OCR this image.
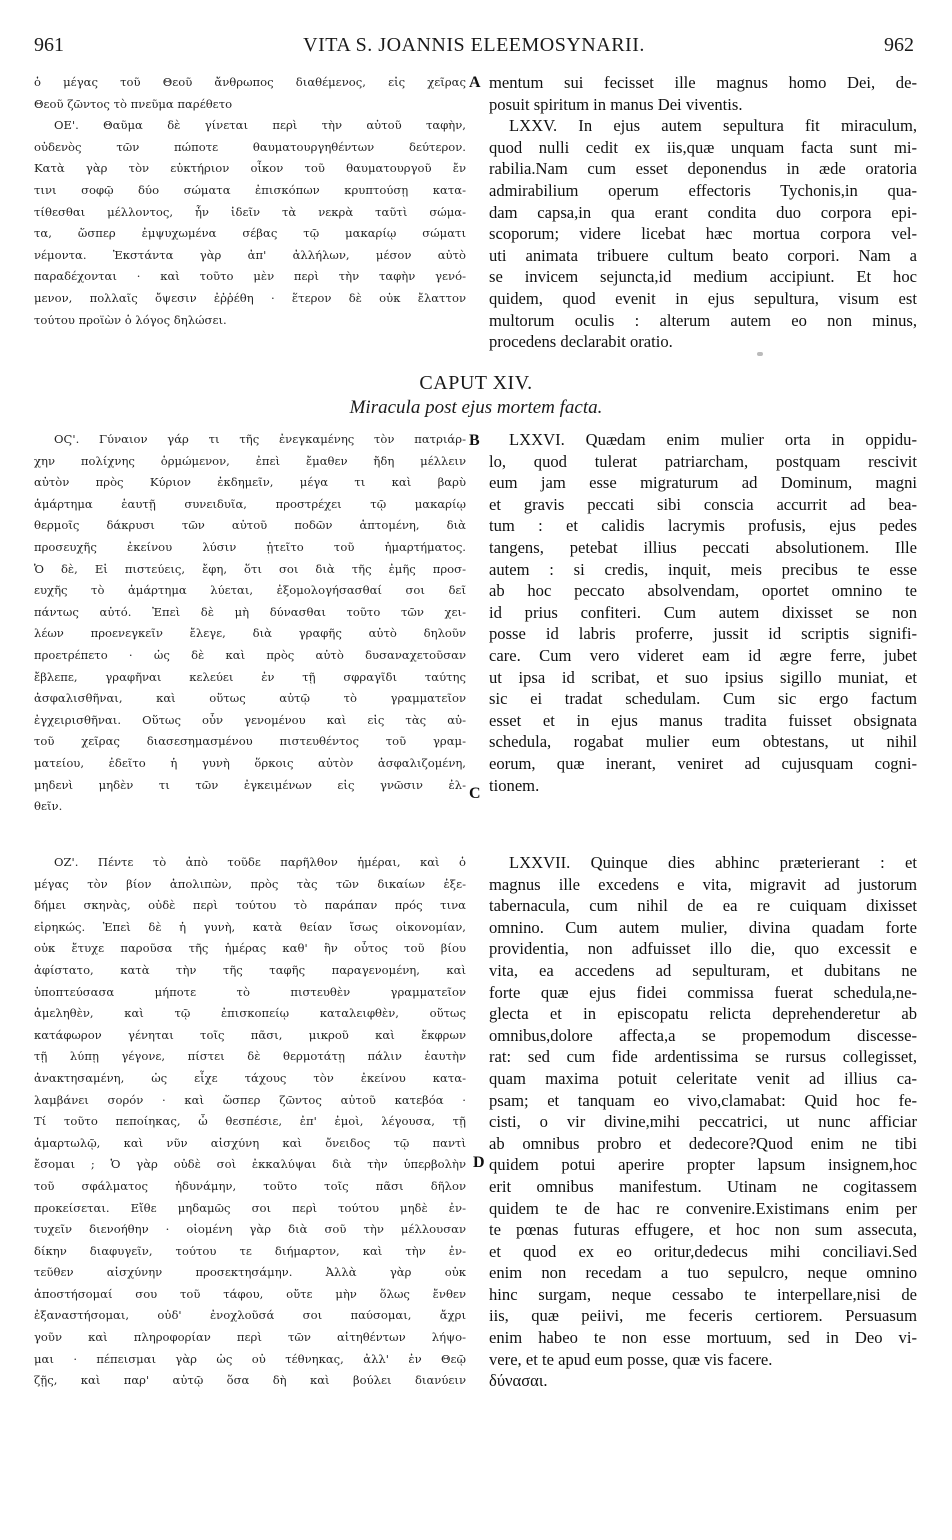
961	VITA S. JOANNIS ELEEMOSYNARII.	962
ὁ μέγας τοῦ Θεοῦ ἄνθρωπος διαθέμενος, εἰς χεῖρας
Θεοῦ ζῶντος τὸ πνεῦμα παρέθετο
ΟΕ'. Θαῦμα δὲ γίνεται περὶ τὴν αὐτοῦ ταφὴν,
οὐδενὸς τῶν πώποτε θαυματουργηθέντων δεύτερον.
Κατὰ γὰρ τὸν εὐκτήριον οἶκον τοῦ θαυματουργοῦ ἔν
τινι σοφῷ δύο σώματα ἐπισκόπων κρυπτούσῃ κατα-
τίθεσθαι μέλλοντος, ἦν ἰδεῖν τὰ νεκρὰ ταῦτὶ σώμα-
τα, ὥσπερ ἐμψυχωμένα σέβας τῷ μακαρίῳ σώματι
νέμοντα. Ἐκστάντα γὰρ ἀπ' ἀλλήλων, μέσον αὐτὸ
παραδέχονται · καὶ τοῦτο μὲν περὶ τὴν ταφὴν γενό-
μενον, πολλαῖς ὄψεσιν ἐῤῥέθη · ἕτερον δὲ οὐκ ἔλαττον
τούτου προϊὼν ὁ λόγος δηλώσει.
mentum sui fecisset ille magnus homo Dei, de-
posuit spiritum in manus Dei viventis.
LXXV. In ejus autem sepultura fit miraculum,
quod nulli cedit ex iis,quæ unquam facta sunt mi-
rabilia.Nam cum esset deponendus in æde oratoria
admirabilium operum effectoris Tychonis,in qua-
dam capsa,in qua erant condita duo corpora epi-
scoporum; videre licebat hæc mortua corpora vel-
uti animata tribuere cultum beato corpori. Nam a
se invicem sejuncta,id medium accipiunt. Et hoc
quidem, quod evenit in ejus sepultura, visum est
multorum oculis : alterum autem eo non minus,
procedens declarabit oratio.
CAPUT XIV.
Miracula post ejus mortem facta.
ΟϚ'. Γύναιον γάρ τι τῆς ἐνεγκαμένης τὸν πατριάρ-
χην πολίχνης ὁρμώμενον, ἐπεὶ ἔμαθεν ἤδη μέλλειν
αὐτὸν πρὸς Κύριον ἐκδημεῖν, μέγα τι καὶ βαρὺ
ἁμάρτημα ἑαυτῇ συνειδυῖα, προστρέχει τῷ μακαρίῳ
θερμοῖς δάκρυσι τῶν αὐτοῦ ποδῶν ἁπτομένη, διὰ
προσευχῆς ἐκείνου λύσιν ᾐτεῖτο τοῦ ἡμαρτήματος.
Ὁ δὲ, Εἰ πιστεύεις, ἔφη, ὅτι σοι διὰ τῆς ἐμῆς προσ-
ευχῆς τὸ ἁμάρτημα λύεται, ἐξομολογήσασθαί σοι δεῖ
πάντως αὐτό. Ἐπεὶ δὲ μὴ δύνασθαι τοῦτο τῶν χει-
λέων προενεγκεῖν ἔλεγε, διὰ γραφῆς αὐτὸ δηλοῦν
προετρέπετο · ὡς δὲ καὶ πρὸς αὐτὸ δυσαναχετοῦσαν
ἔβλεπε, γραφῆναι κελεύει ἐν τῇ σφραγῖδι ταύτης
ἀσφαλισθῆναι, καὶ οὕτως αὐτῷ τὸ γραμματεῖον
ἐγχειρισθῆναι. Οὕτως οὖν γενομένου καὶ εἰς τὰς αὐ-
τοῦ χεῖρας διασεσημασμένου πιστευθέντος τοῦ γραμ-
ματείου, ἐδεῖτο ἡ γυνὴ ὅρκοις αὐτὸν ἀσφαλιζομένη,
μηδενὶ μηδὲν τι τῶν ἐγκειμένων εἰς γνῶσιν ἐλ-
θεῖν.
LXXVI. Quædam enim mulier orta in oppidu-
lo, quod tulerat patriarcham, postquam rescivit
eum jam esse migraturum ad Dominum, magni
et gravis peccati sibi conscia accurrit ad bea-
tum : et calidis lacrymis profusis, ejus pedes
tangens, petebat illius peccati absolutionem. Ille
autem : si credis, inquit, meis precibus te esse
ab hoc peccato absolvendam, oportet omnino te
id prius confiteri. Cum autem dixisset se non
posse id labris proferre, jussit id scriptis signifi-
care. Cum vero videret eam id ægre ferre, jubet
ut ipsa id scribat, et suo ipsius sigillo muniat, et
sic ei tradat schedulam. Cum sic ergo factum
esset et in ejus manus tradita fuisset obsignata
schedula, rogabat mulier eum obtestans, ut nihil
eorum, quæ inerant, veniret ad cujusquam cogni-
tionem.
ΟΖ'. Πέντε τὸ ἀπὸ τοῦδε παρῆλθον ἡμέραι, καὶ ὁ
μέγας τὸν βίον ἀπολιπὼν, πρὸς τὰς τῶν δικαίων ἐξε-
δήμει σκηνὰς, οὐδὲ περὶ τούτου τὸ παράπαν πρός τινα
εἰρηκώς. Ἐπεὶ δὲ ἡ γυνὴ, κατὰ θείαν ἴσως οἰκονομίαν,
οὐκ ἔτυχε παροῦσα τῆς ἡμέρας καθ' ἣν οὗτος τοῦ βίου
ἀφίστατο, κατὰ τὴν τῆς ταφῆς παραγενομένη, καὶ
ὑποπτεύσασα μήποτε τὸ πιστευθὲν γραμματεῖον
ἀμεληθὲν, καὶ τῷ ἐπισκοπείῳ καταλειφθὲν, οὕτως
κατάφωρον γένηται τοῖς πᾶσι, μικροῦ καὶ ἔκφρων
τῇ λύπῃ γέγονε, πίστει δὲ θερμοτάτῃ πάλιν ἑαυτὴν
ἀνακτησαμένη, ὡς εἶχε τάχους τὸν ἐκείνου κατα-
λαμβάνει σορόν · καὶ ὥσπερ ζῶντος αὐτοῦ κατεβόα ·
Τί τοῦτο πεποίηκας, ὦ θεσπέσιε, ἐπ' ἐμοὶ, λέγουσα, τῇ
ἁμαρτωλῷ, καὶ νῦν αἰσχύνη καὶ ὄνειδος τῷ παντὶ
ἔσομαι ; Ὁ γὰρ οὐδὲ σοὶ ἐκκαλύψαι διὰ τὴν ὑπερβολὴν
τοῦ σφάλματος ἠδυνάμην, τοῦτο τοῖς πᾶσι δῆλον
προκείσεται. Εἴθε μηδαμῶς σοι περὶ τούτου μηδὲ ἐν-
τυχεῖν διενοήθην · οἰομένη γὰρ διὰ σοῦ τὴν μέλλουσαν
δίκην διαφυγεῖν, τούτου τε διήμαρτον, καὶ τὴν ἐν-
τεῦθεν αἰσχύνην προσεκτησάμην. Ἀλλὰ γὰρ οὐκ
ἀποστήσομαί σου τοῦ τάφου, οὔτε μὴν ὅλως ἔνθεν
ἐξαναστήσομαι, οὐδ' ἐνοχλοῦσά σοι παύσομαι, ἄχρι
γοῦν καὶ πληροφορίαν περὶ τῶν αἰτηθέντων λήψο-
μαι · πέπεισμαι γὰρ ὡς οὐ τέθνηκας, ἀλλ' ἐν Θεῷ
ζῇς, καὶ παρ' αὐτῷ ὅσα δὴ καὶ βούλει διανύειν
LXXVII. Quinque dies abhinc præterierant : et
magnus ille excedens e vita, migravit ad justorum
tabernacula, cum nihil de ea re cuiquam dixisset
omnino. Cum autem mulier, divina quadam forte
providentia, non adfuisset illo die, quo excessit e
vita, ea accedens ad sepulturam, et dubitans ne
forte quæ ejus fidei commissa fuerat schedula,ne-
glecta et in episcopatu relicta deprehenderetur ab
omnibus,dolore affecta,a se propemodum discessе-
rat: sed cum fide ardentissima se rursus collegisset,
quam maxima potuit celeritate venit ad illius ca-
psam; et tanquam eo vivo,clamabat: Quid hoc fe-
cisti, o vir divine,mihi peccatrici, ut nunc afficiar
ab omnibus probro et dedecore?Quod enim ne tibi
quidem potui aperire propter lapsum insignem,hoc
erit omnibus manifestum. Utinam ne cogitassem
quidem te de hac re convenire.Existimans enim per
te pœnas futuras effugere, et hoc non sum assecuta,
et quod ex eo oritur,dedecus mihi conciliavi.Sed
enim non recedam a tuo sepulcro, neque omnino
hinc surgam, neque cessabo te interpellare,nisi de
iis, quæ peiivi, me feceris certiorem. Persuasum
enim habeo te non esse mortuum, sed in Deo vi-
vere, et te apud eum posse, quæ vis facere.
δύνασαι.
A
B
C
D
